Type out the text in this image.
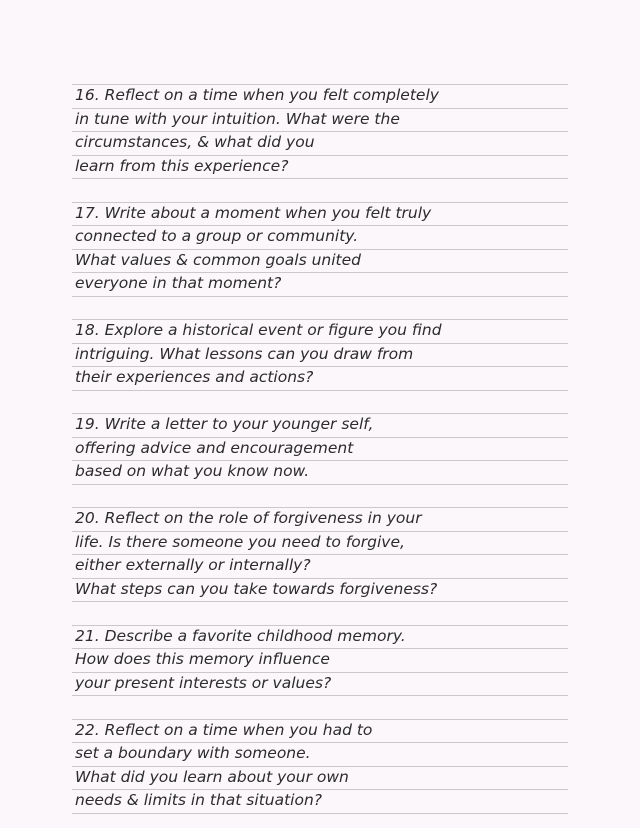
16. Reflect on a time when you felt completely
in tune with your intuition. What were the
circumstances, & what did you
learn from this experience?
17. Write about a moment when you felt truly
connected to a group or community.
What values & common goals united
everyone in that moment?
18. Explore a historical event or figure you find
intriguing. What lessons can you draw from
their experiences and actions?
19. Write a letter to your younger self,
offering advice and encouragement
based on what you know now.
20. Reflect on the role of forgiveness in your
life. Is there someone you need to forgive,
either externally or internally?
What steps can you take towards forgiveness?
21. Describe a favorite childhood memory.
How does this memory influence
your present interests or values?
22. Reflect on a time when you had to
set a boundary with someone.
What did you learn about your own
needs & limits in that situation?
